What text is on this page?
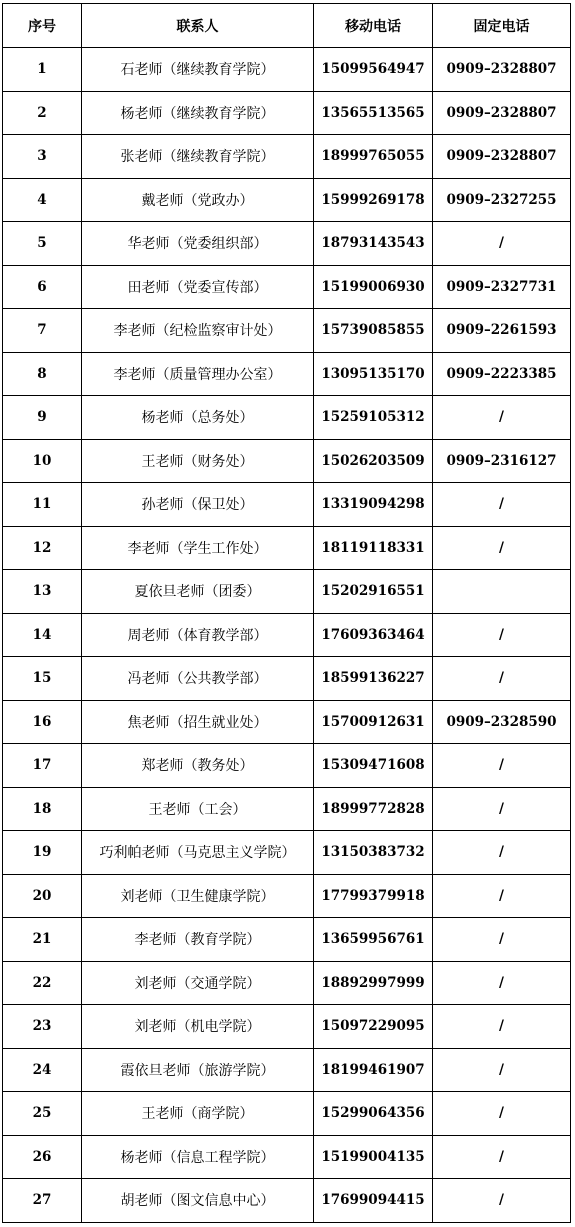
序号	联系人	移动电话	固定电话
1	石老师（继续教育学院）	15099564947	0909–2328807
2	杨老师（继续教育学院）	13565513565	0909–2328807
3	张老师（继续教育学院）	18999765055	0909–2328807
4	戴老师（党政办）	15999269178	0909–2327255
5	华老师（党委组织部）	18793143543	/
6	田老师（党委宣传部）	15199006930	0909–2327731
7	李老师（纪检监察审计处）	15739085855	0909–2261593
8	李老师（质量管理办公室）	13095135170	0909–2223385
9	杨老师（总务处）	15259105312	/
10	王老师（财务处）	15026203509	0909–2316127
11	孙老师（保卫处）	13319094298	/
12	李老师（学生工作处）	18119118331	/
13	夏依旦老师（团委）	15202916551	
14	周老师（体育教学部）	17609363464	/
15	冯老师（公共教学部）	18599136227	/
16	焦老师（招生就业处）	15700912631	0909–2328590
17	郑老师（教务处）	15309471608	/
18	王老师（工会）	18999772828	/
19	巧利帕老师（马克思主义学院）	13150383732	/
20	刘老师（卫生健康学院）	17799379918	/
21	李老师（教育学院）	13659956761	/
22	刘老师（交通学院）	18892997999	/
23	刘老师（机电学院）	15097229095	/
24	霞依旦老师（旅游学院）	18199461907	/
25	王老师（商学院）	15299064356	/
26	杨老师（信息工程学院）	15199004135	/
27	胡老师（图文信息中心）	17699094415	/
